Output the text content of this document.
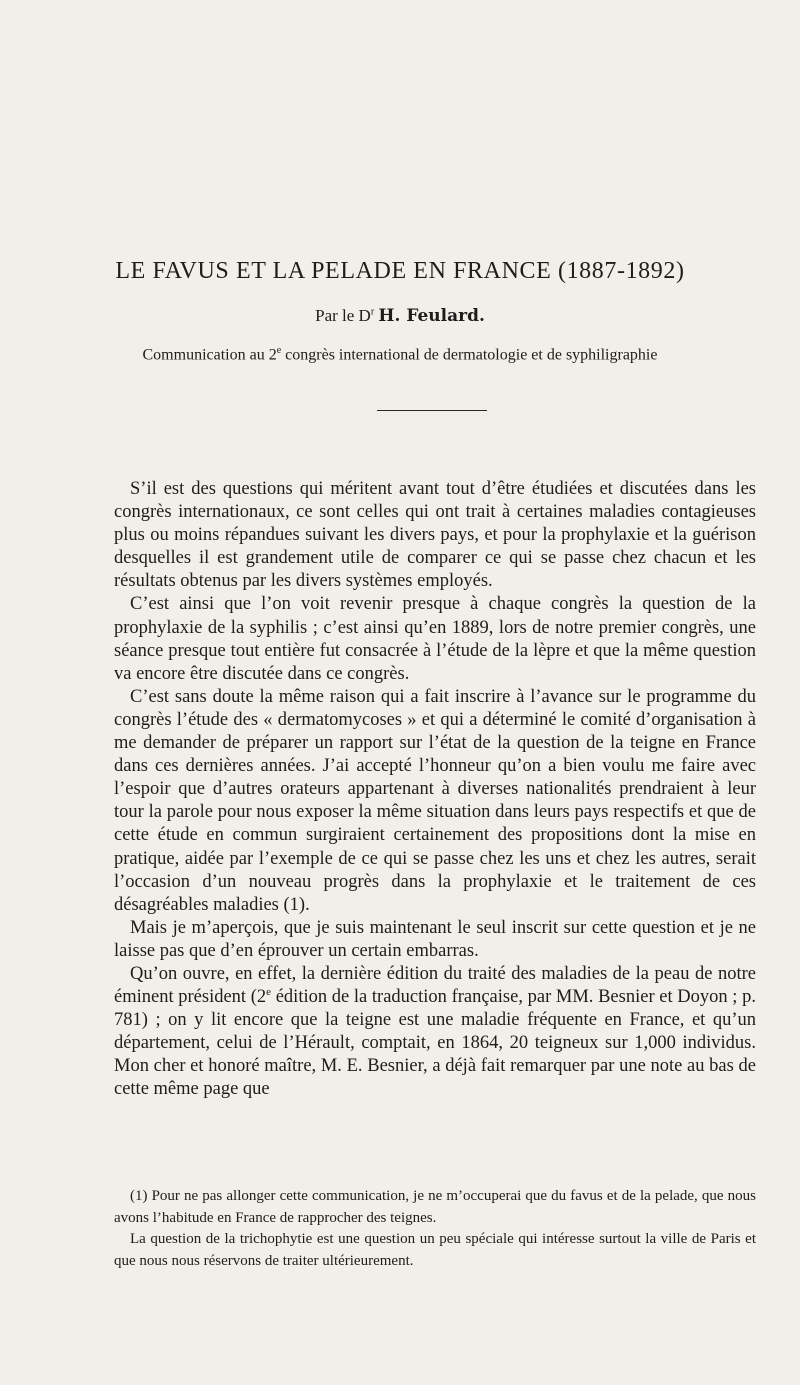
LE FAVUS ET LA PELADE EN FRANCE (1887-1892)
Par le $D^r$ H. Feulard.
Communication au 2e congrès international de dermatologie et de syphiligraphie

S’il est des questions qui méritent avant tout d’être étudiées et discutées dans les congrès internationaux, ce sont celles qui ont trait à certaines maladies contagieuses plus ou moins répandues suivant les divers pays, et pour la prophylaxie et la guérison desquelles il est grandement utile de comparer ce qui se passe chez chacun et les résultats obtenus par les divers systèmes employés.

C’est ainsi que l’on voit revenir presque à chaque congrès la question de la prophylaxie de la syphilis ; c’est ainsi qu’en 1889, lors de notre premier congrès, une séance presque tout entière fut consacrée à l’étude de la lèpre et que la même question va encore être discutée dans ce congrès.

C’est sans doute la même raison qui a fait inscrire à l’avance sur le programme du congrès l’étude des « dermatomycoses » et qui a déterminé le comité d’organisation à me demander de préparer un rapport sur l’état de la question de la teigne en France dans ces dernières années. J’ai accepté l’honneur qu’on a bien voulu me faire avec l’espoir que d’autres orateurs appartenant à diverses nationalités prendraient à leur tour la parole pour nous exposer la même situation dans leurs pays respectifs et que de cette étude en commun surgiraient certainement des propositions dont la mise en pratique, aidée par l’exemple de ce qui se passe chez les uns et chez les autres, serait l’occasion d’un nouveau progrès dans la prophylaxie et le traitement de ces désagréables maladies (1).

Mais je m’aperçois, que je suis maintenant le seul inscrit sur cette question et je ne laisse pas que d’en éprouver un certain embarras.

Qu’on ouvre, en effet, la dernière édition du traité des maladies de la peau de notre éminent président (2e édition de la traduction française, par MM. Besnier et Doyon ; p. 781) ; on y lit encore que la teigne est une maladie fréquente en France, et qu’un département, celui de l’Hérault, comptait, en 1864, 20 teigneux sur 1,000 individus. Mon cher et honoré maître, M. E. Besnier, a déjà fait remarquer par une note au bas de cette même page que

(1) Pour ne pas allonger cette communication, je ne m’occuperai que du favus et de la pelade, que nous avons l’habitude en France de rapprocher des teignes.

La question de la trichophytie est une question un peu spéciale qui intéresse surtout la ville de Paris et que nous nous réservons de traiter ultérieurement.
